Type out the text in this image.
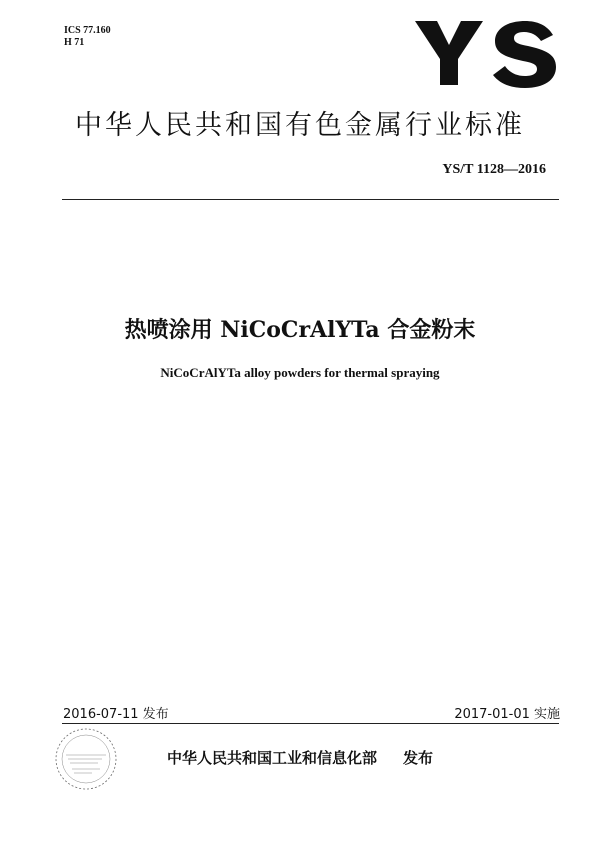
ICS 77.160
H 71
中华人民共和国有色金属行业标准
YS/T 1128—2016
热喷涂用 NiCoCrAlYTa 合金粉末
NiCoCrAlYTa alloy powders for thermal spraying
2016-07-11 发布	2017-01-01 实施
中华人民共和国工业和信息化部 发布
